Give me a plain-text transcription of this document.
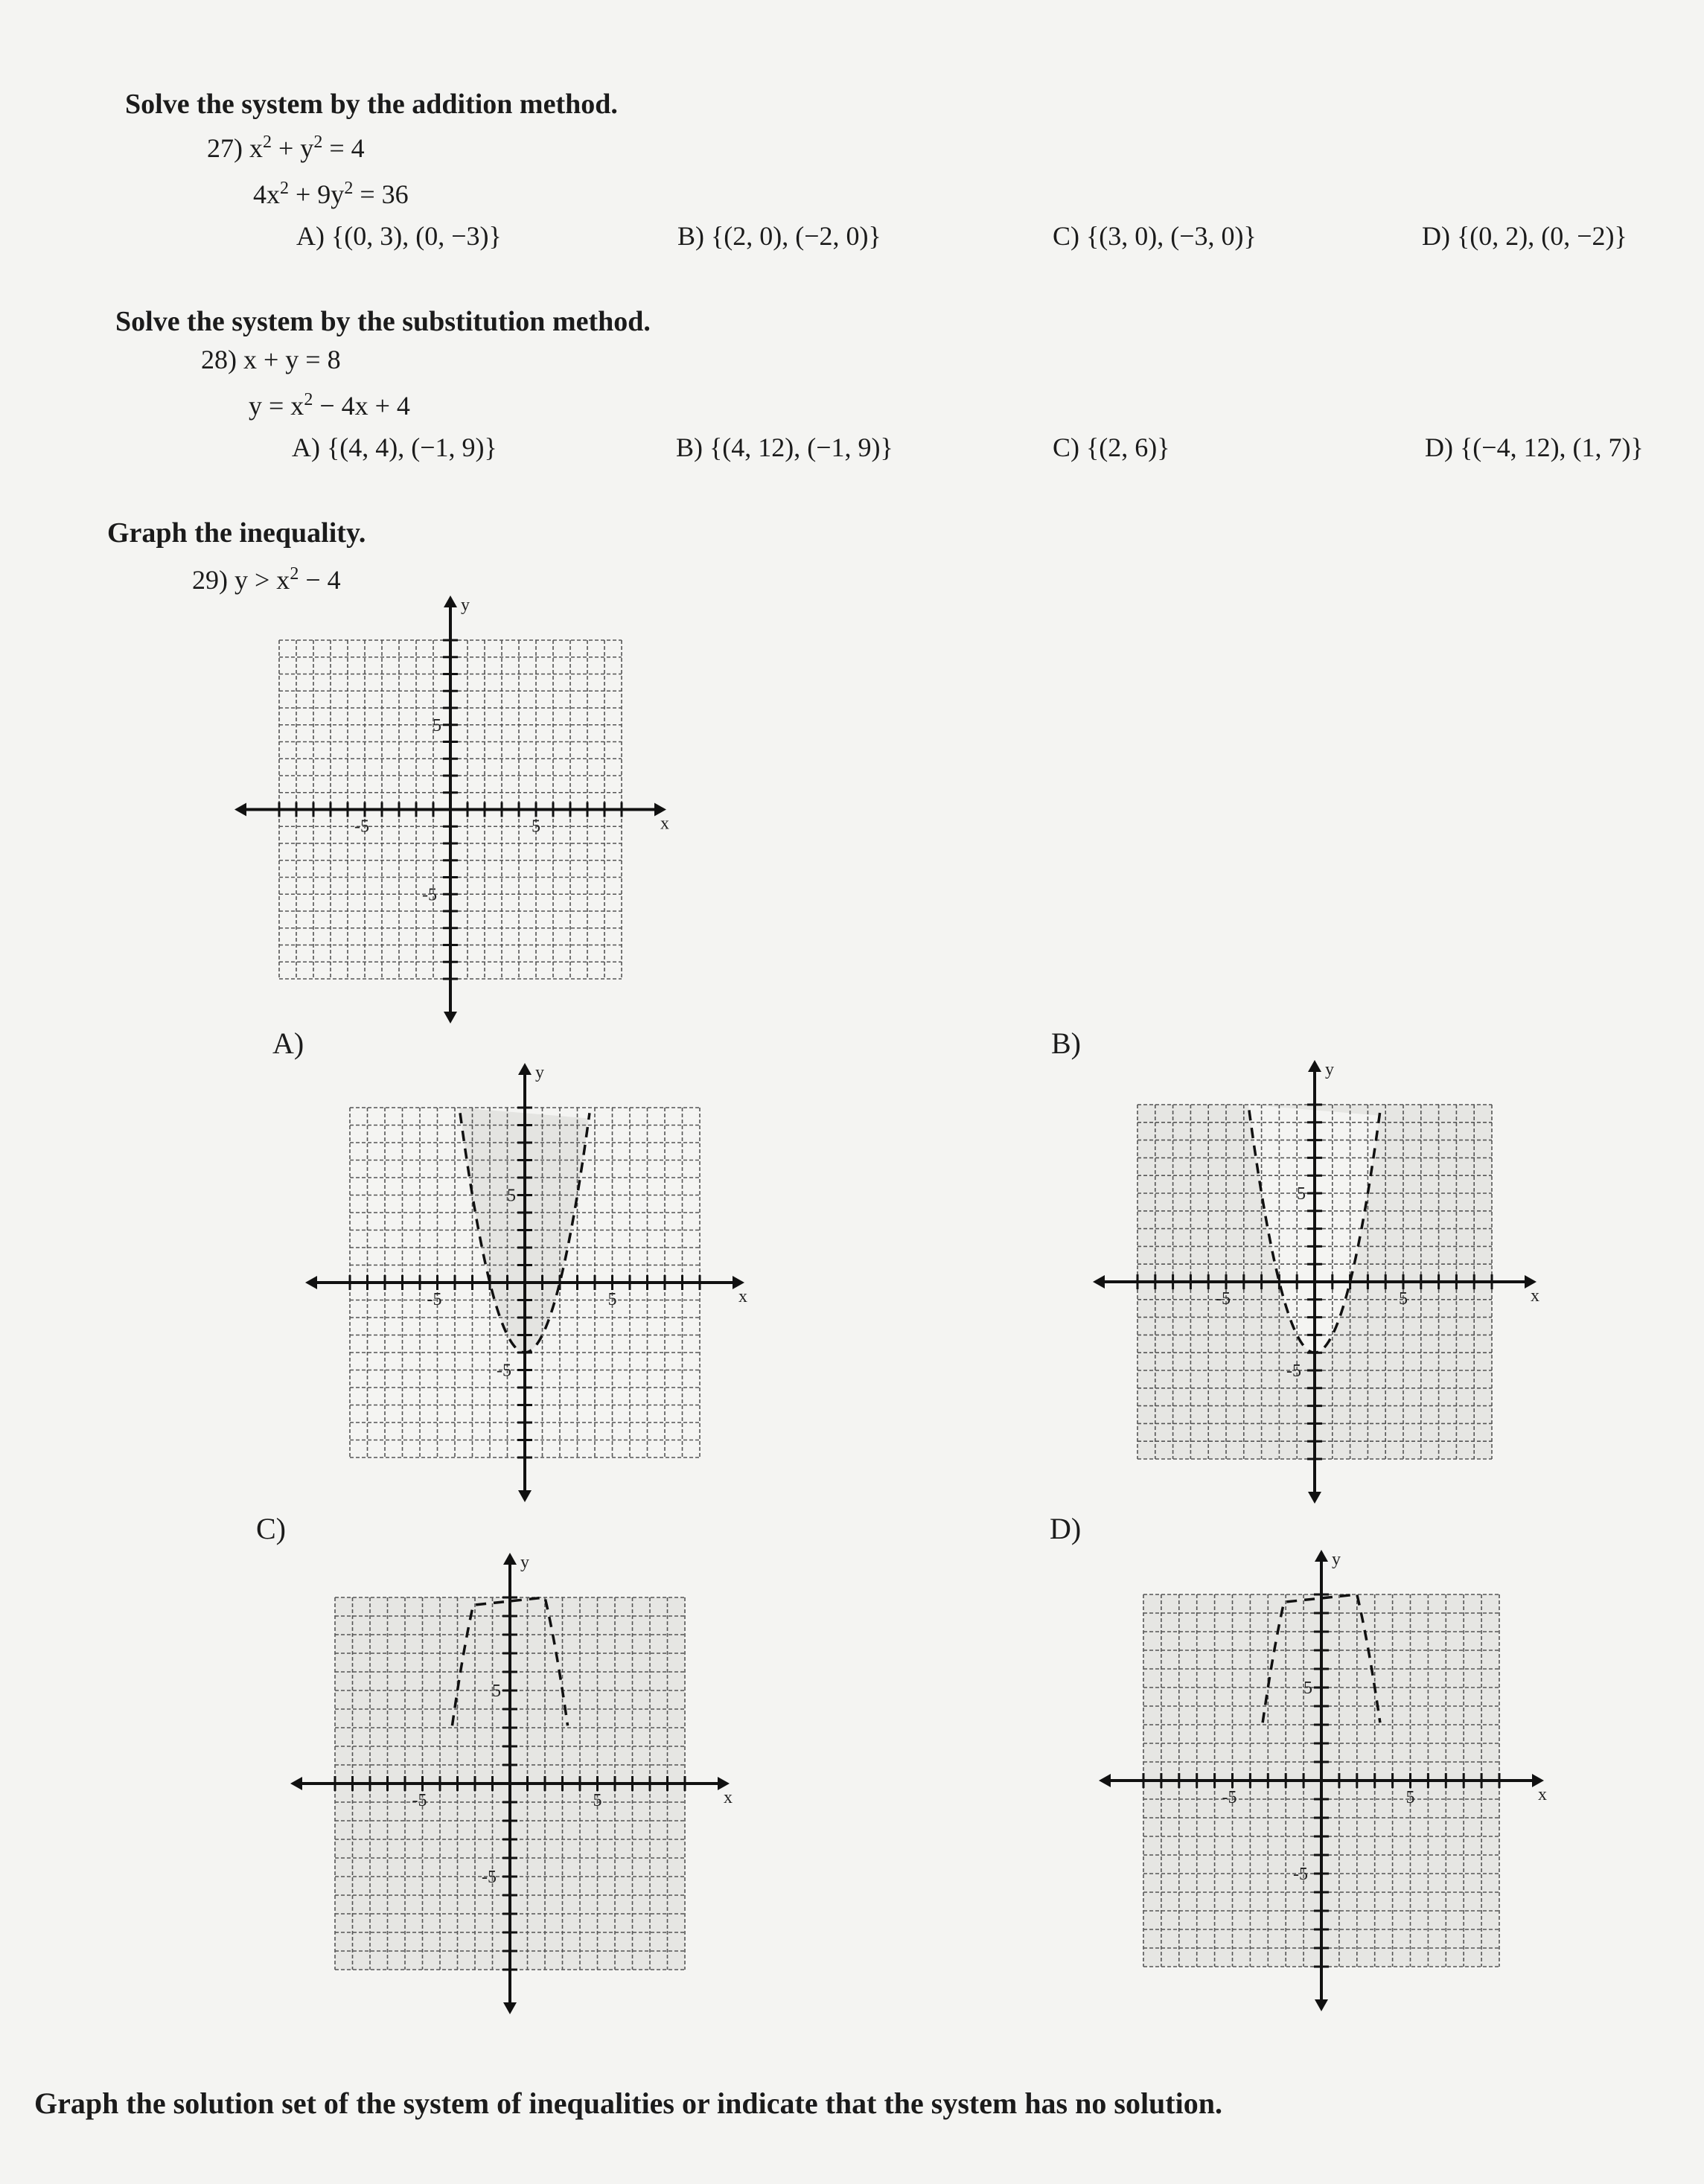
Solve the system by the addition method.
27) $x^2 + y^2 = 4$
$4x^2 + 9y^2 = 36$
A) {(0, 3), (0, −3)}	B) {(2, 0), (−2, 0)}	C) {(3, 0), (−3, 0)}	D) {(0, 2), (0, −2)}
Solve the system by the substitution method.
28) x + y = 8
$y = x^2 - 4x + 4$
A) {(4, 4), (−1, 9)}	B) {(4, 12), (−1, 9)}	C) {(2, 6)}	D) {(−4, 12), (1, 7)}
Graph the inequality.
29) $y > x^2 - 4$
A)	B)
C)	D)
x
y
5
-5
5
-5
x
y
5
-5
5
-5
x
y
5
-5
5
-5
x
y
5
-5
5
-5
x
y
5
-5
5
-5
Graph the solution set of the system of inequalities or indicate that the system has no solution.
